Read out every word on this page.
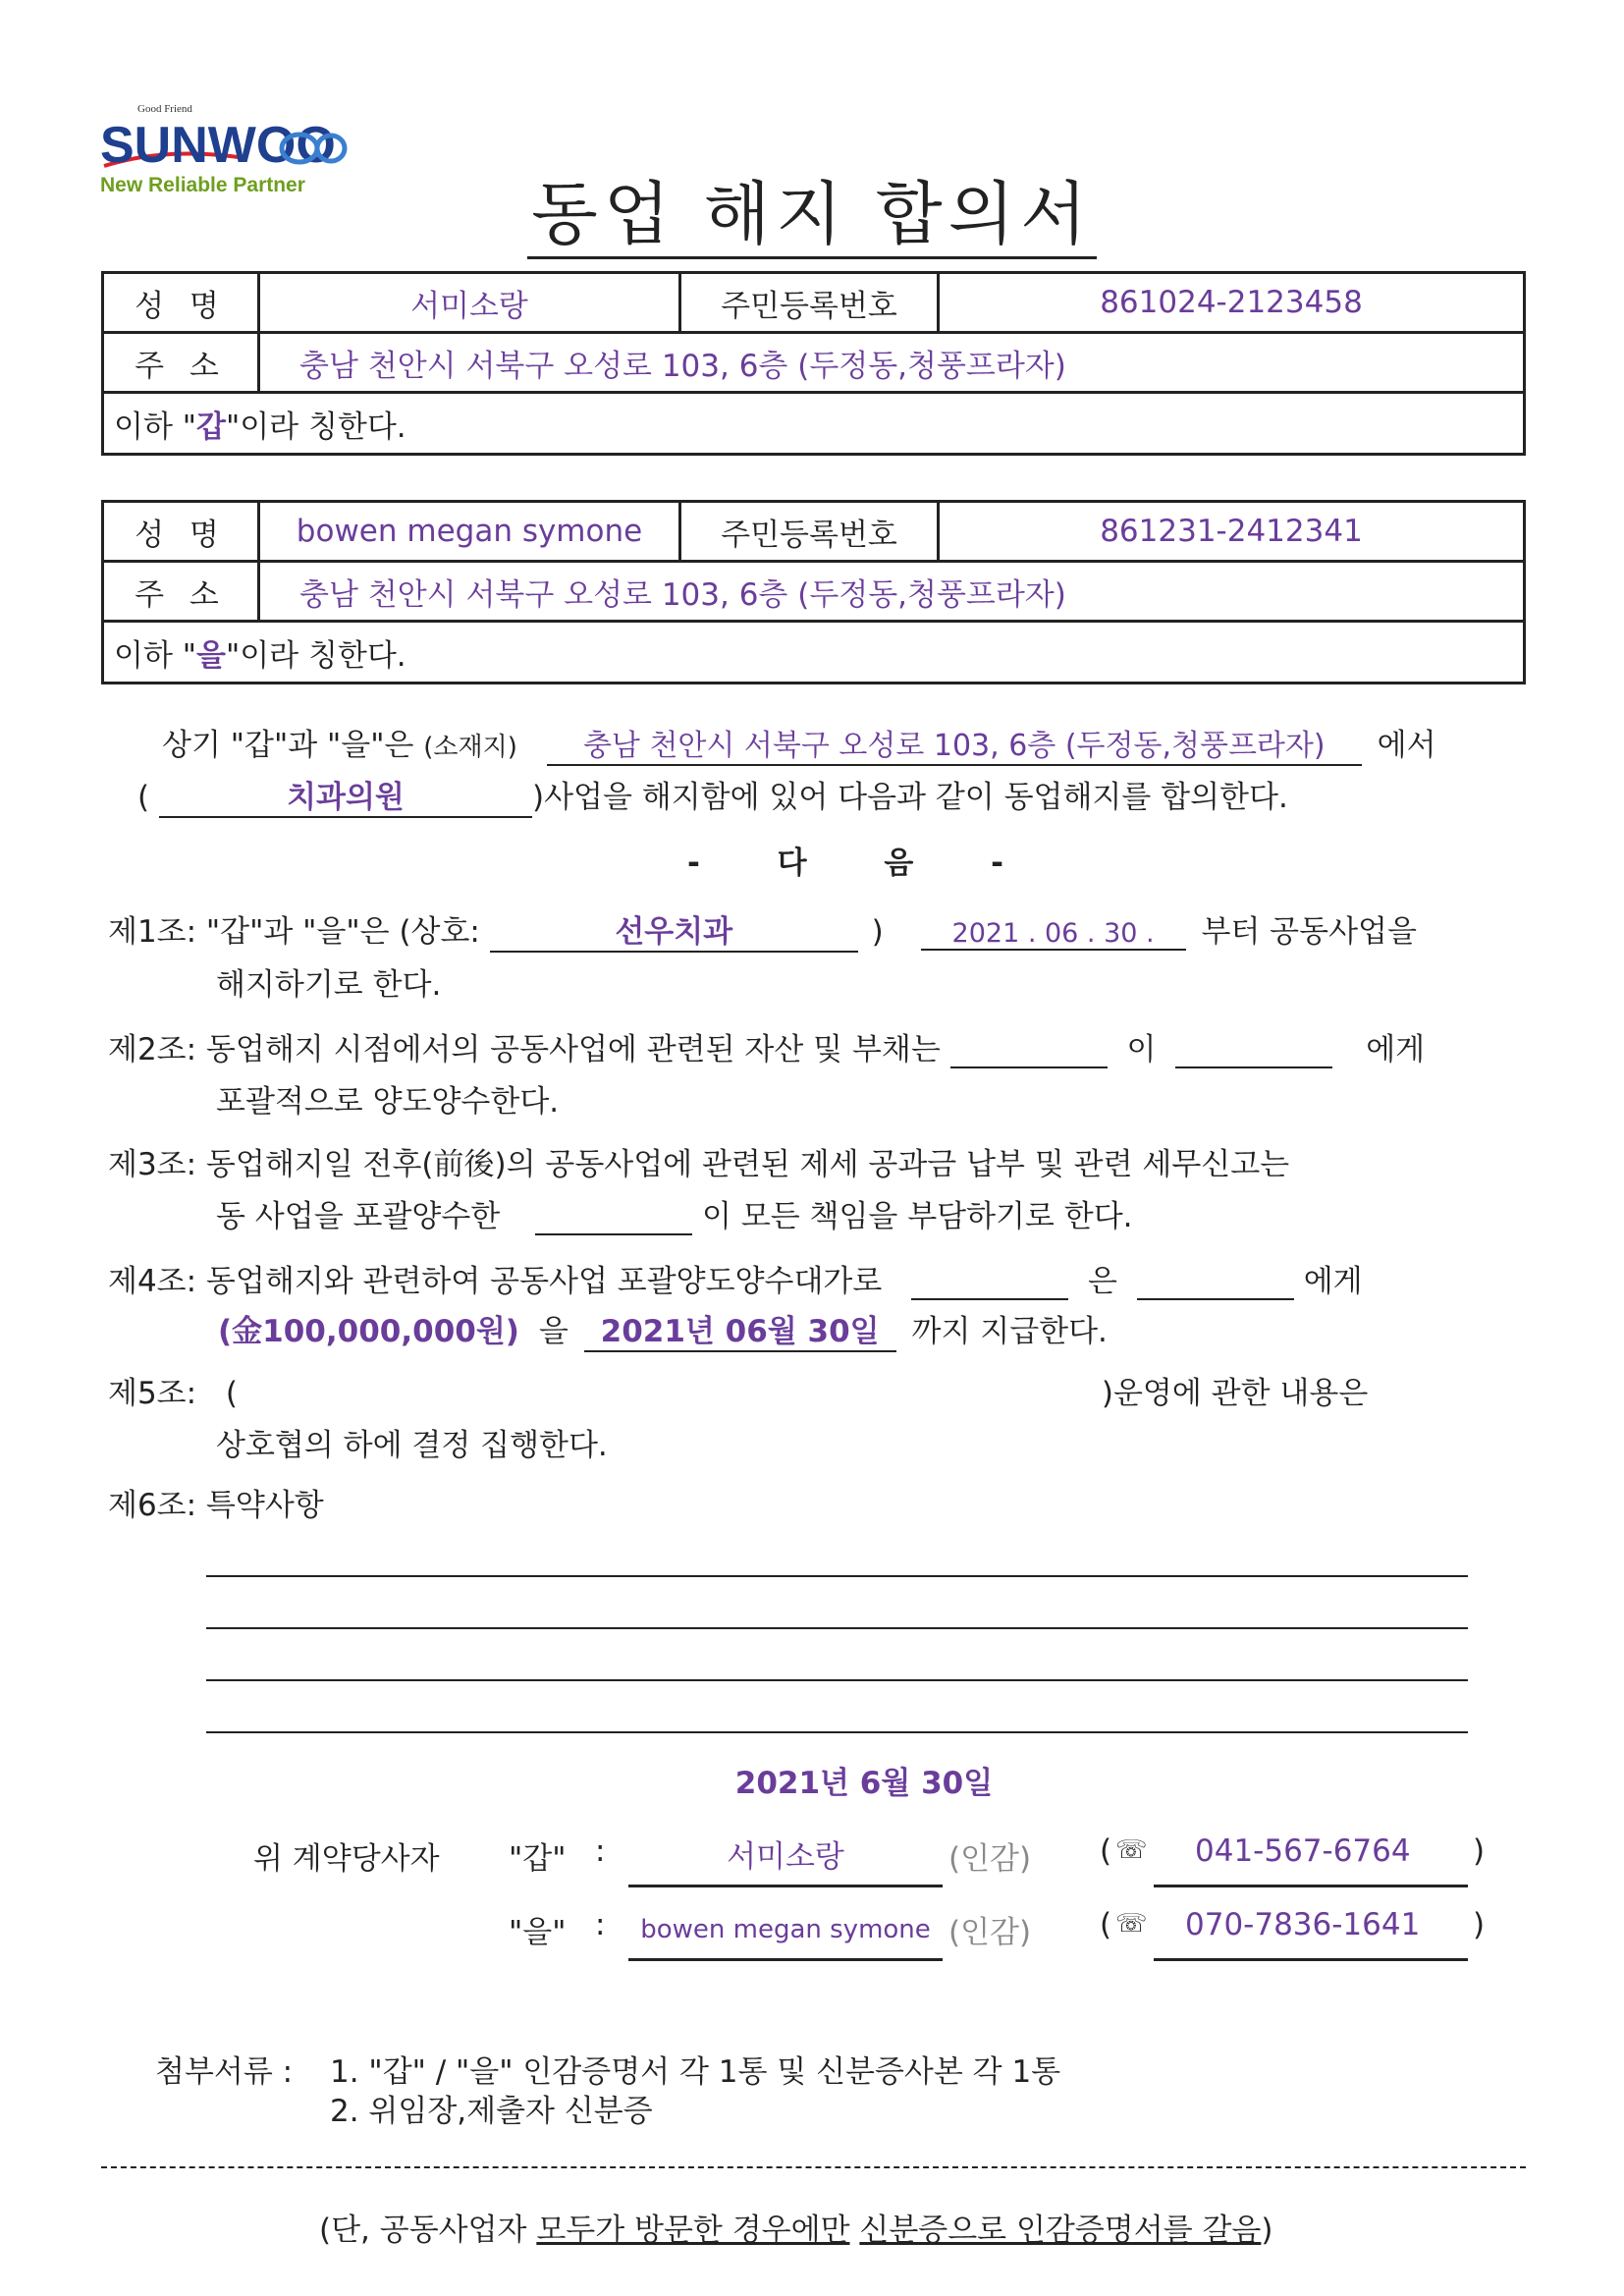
Good Friend
SUNWOO
New Reliable Partner	동업 해지 합의서
성 명	서미소랑	주민등록번호	861024-2123458
주 소	충남 천안시 서북구 오성로 103, 6층 (두정동,청풍프라자)		
이하 "갑"이라 칭한다.			
성 명	bowen megan symone	주민등록번호	861231-2412341
주 소	충남 천안시 서북구 오성로 103, 6층 (두정동,청풍프라자)		
이하 "을"이라 칭한다.			
상기 "갑"과 "을"은 (소재지) 충남 천안시 서북구 오성로 103, 6층 (두정동,청풍프라자) 에서
(	치과의원	)사업을 해지함에 있어 다음과 같이 동업해지를 합의한다.
- 다 음 -
제1조: "갑"과 "을"은 (상호:	선우치과	)	2021 . 06 . 30 . 부터 공동사업을
해지하기로 한다.
제2조: 동업해지 시점에서의 공동사업에 관련된 자산 및 부채는	이	에게
포괄적으로 양도양수한다.
제3조: 동업해지일 전후(前後)의 공동사업에 관련된 제세 공과금 납부 및 관련 세무신고는
동 사업을 포괄양수한	이 모든 책임을 부담하기로 한다.
제4조: 동업해지와 관련하여 공동사업 포괄양도양수대가로	은	에게
(金100,000,000원) 을 2021년 06월 30일 까지 지급한다.
제5조: (	)운영에 관한 내용은
상호협의 하에 결정 집행한다.
제6조: 특약사항
2021년 6월 30일
위 계약당사자 "갑" :	서미소랑	(인감) ( ☏ 041-567-6764 )
"을" :	bowen megan symone (인감) ( ☏ 070-7836-1641 )
첨부서류 : 1. "갑" / "을" 인감증명서 각 1통 및 신분증사본 각 1통
2. 위임장,제출자 신분증
(단, 공동사업자 모두가 방문한 경우에만 신분증으로 인감증명서를 갈음)
